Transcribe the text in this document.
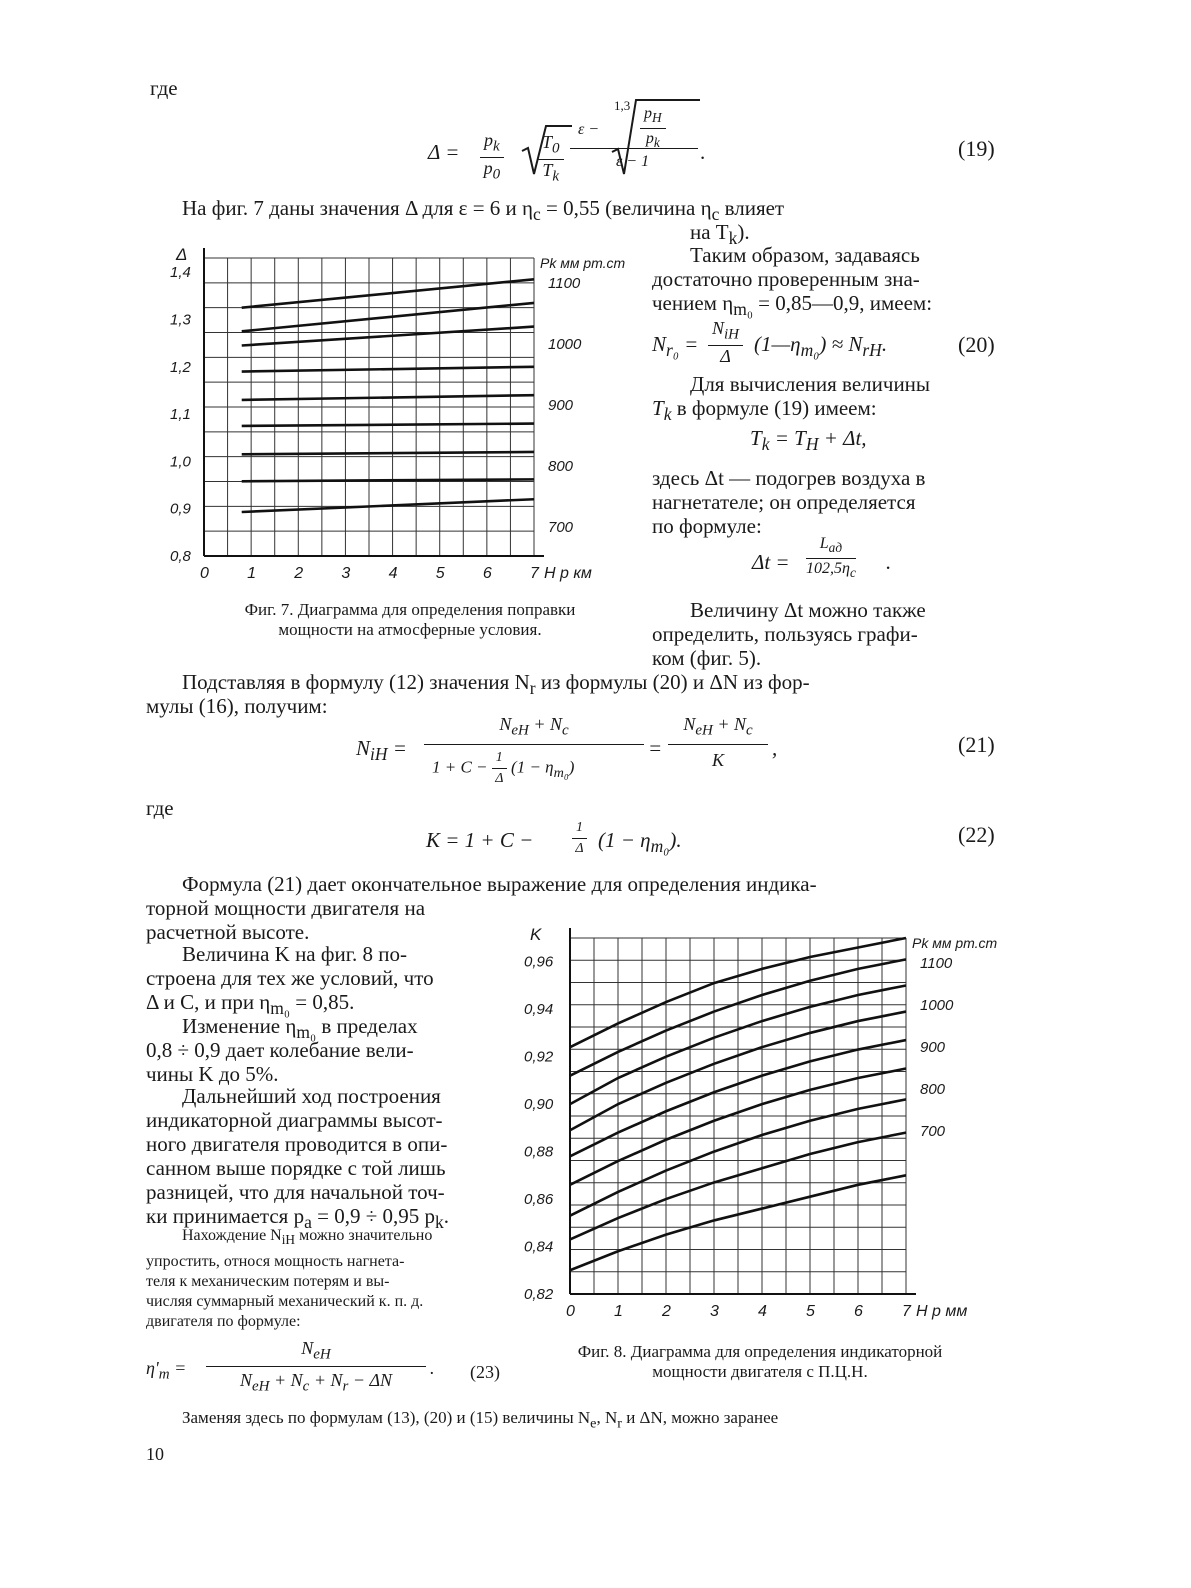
где
$\Delta = \frac{p_k}{p_0} \frac{T_0}{T_k}$
1,3
ε −	$\frac{p_H}{p_k}$
ε − 1 .	(19)
На фиг. 7 даны значения Δ для ε = 6 и $\eta_c = 0,55$ (величина $\eta_c$ влияет
на $T_k$).
0 1 2 3 4 5 6 7
0,8
0,9
1,0
1,1
1,2
1,3
1,4
Δ
H р км
Pk мм рт.ст
1100
1000
900
800
700
Фиг. 7. Диаграмма для определения поправки
мощности на атмосферные условия.
Таким образом, задаваясь
достаточно проверенным зна-
чением $\eta_{m_0}$ = 0,85—0,9, имеем:
$N_{r_0}$ =
$N_{iH}$
Δ	$(1—\eta_{m_0}) \approx N_{rH}$.	(20)
Для вычисления величины
$T_k$ в формуле (19) имеем:
$T_k = T_H + \Delta t$,
здесь Δt — подогрев воздуха в
нагнетателе; он определяется
по формуле:
Δt =
$L_{ад}$
$102,5\eta_c$ .
Величину Δt можно также
определить, пользуясь графи-
ком (фиг. 5).
Подставляя в формулу (12) значения $N_r$ из формулы (20) и ΔN из фор-
мулы (16), получим:
$N_{iH}$ =
$N_{eH} + N_c$
$1 + C - \frac{1}{\Delta} (1 - \eta_{m_0})$
=
$N_{eH} + N_c$
K	,	(21)
где
K = 1 + C −	$\frac{1}{\Delta} (1 - \eta_{m_0})$.	(22)
Формула (21) дает окончательное выражение для определения индика-
торной мощности двигателя на
расчетной высоте.
Величина K на фиг. 8 по-
строена для тех же условий, что
Δ и C, и при $\eta_{m_0} = 0,85$.
Изменение $\eta_{m_0}$ в пределах
0,8 ÷ 0,9 дает колебание вели-
чины K до 5%.
Дальнейший ход построения
индикаторной диаграммы высот-
ного двигателя проводится в опи-
санном выше порядке с той лишь
разницей, что для начальной точ-
ки принимается $p_a = 0,9 \div 0,95$ $p_k$.
Нахождение $N_{iH}$ можно значительно
упростить, относя мощность нагнета-
теля к механическим потерям и вы-
числяя суммарный механический к. п. д.
двигателя по формуле:
$\eta'_m$ =
$N_{eH}$
$N_{eH} + N_c + N_r - \Delta N$
. (23)
0 1 2 3 4 5 6 7
0,82
0,84
0,86
0,88
0,90
0,92
0,94
0,96
K
H р мм
Pk мм рт.ст
1100
1000
900
800
700
Фиг. 8. Диаграмма для определения индикаторной
мощности двигателя с П.Ц.Н.
Заменяя здесь по формулам (13), (20) и (15) величины $N_e$, $N_r$ и ΔN, можно заранее
10
